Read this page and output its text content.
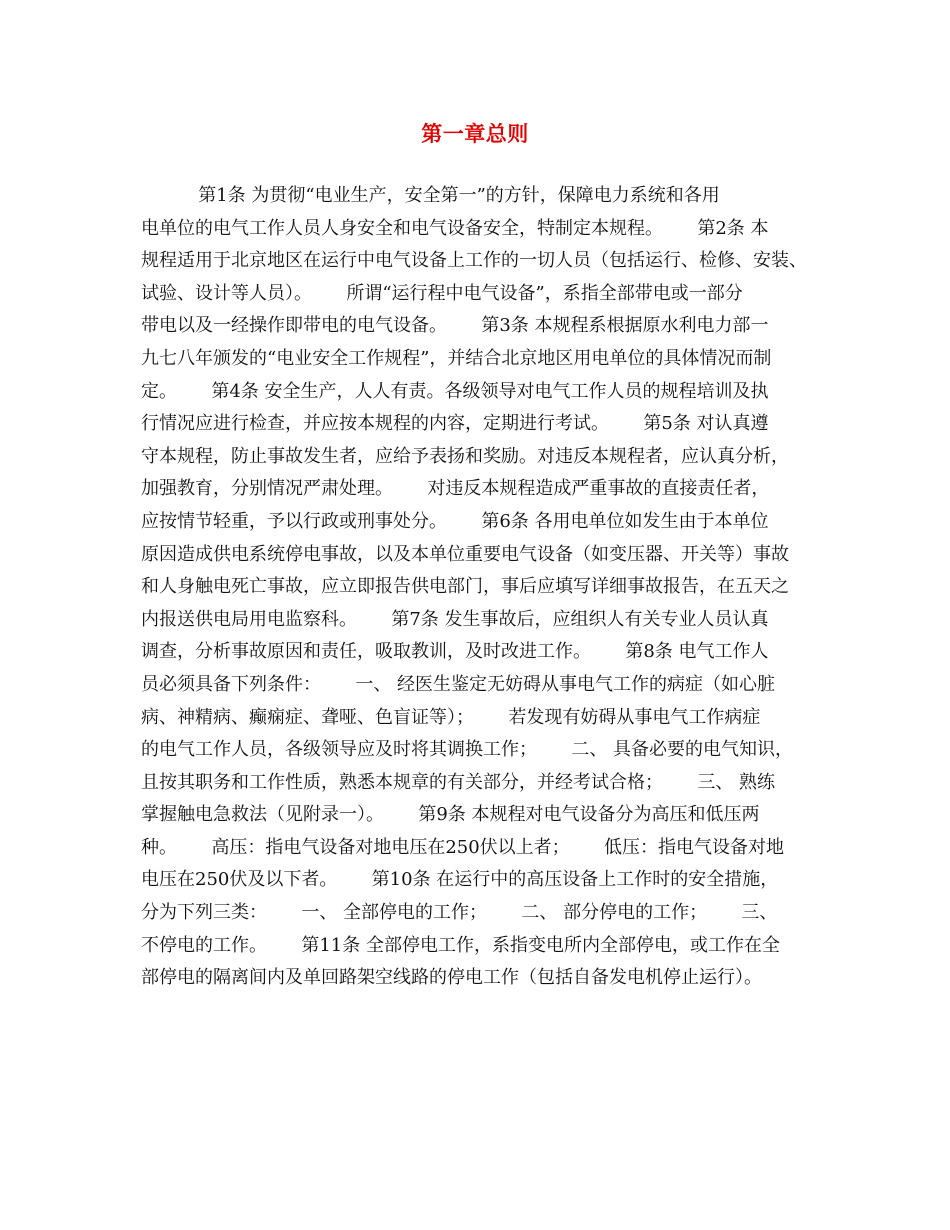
第一章总则
第1条 为贯彻“电业生产，安全第一”的方针，保障电力系统和各用
电单位的电气工作人员人身安全和电气设备安全，特制定本规程。      第2条 本
规程适用于北京地区在运行中电气设备上工作的一切人员（包括运行、检修、安装、
试验、设计等人员）。      所谓“运行程中电气设备”，系指全部带电或一部分
带电以及一经操作即带电的电气设备。      第3条 本规程系根据原水利电力部一
九七八年颁发的“电业安全工作规程”，并结合北京地区用电单位的具体情况而制
定。      第4条 安全生产，人人有责。各级领导对电气工作人员的规程培训及执
行情况应进行检查，并应按本规程的内容，定期进行考试。      第5条 对认真遵
守本规程，防止事故发生者，应给予表扬和奖励。对违反本规程者，应认真分析，
加强教育，分别情况严肃处理。      对违反本规程造成严重事故的直接责任者，
应按情节轻重，予以行政或刑事处分。      第6条 各用电单位如发生由于本单位
原因造成供电系统停电事故，以及本单位重要电气设备（如变压器、开关等）事故
和人身触电死亡事故，应立即报告供电部门，事后应填写详细事故报告，在五天之
内报送供电局用电监察科。      第7条 发生事故后，应组织人有关专业人员认真
调查，分析事故原因和责任，吸取教训，及时改进工作。      第8条 电气工作人
员必须具备下列条件：      一、 经医生鉴定无妨碍从事电气工作的病症（如心脏
病、神精病、癫痫症、聋哑、色盲证等）；      若发现有妨碍从事电气工作病症
的电气工作人员，各级领导应及时将其调换工作；      二、 具备必要的电气知识，
且按其职务和工作性质，熟悉本规章的有关部分，并经考试合格；      三、 熟练
掌握触电急救法（见附录一）。      第9条 本规程对电气设备分为高压和低压两
种。      高压：指电气设备对地电压在250伏以上者；      低压：指电气设备对地
电压在250伏及以下者。      第10条 在运行中的高压设备上工作时的安全措施，
分为下列三类：      一、 全部停电的工作；      二、 部分停电的工作；      三、
不停电的工作。      第11条 全部停电工作，系指变电所内全部停电，或工作在全
部停电的隔离间内及单回路架空线路的停电工作（包括自备发电机停止运行）。
